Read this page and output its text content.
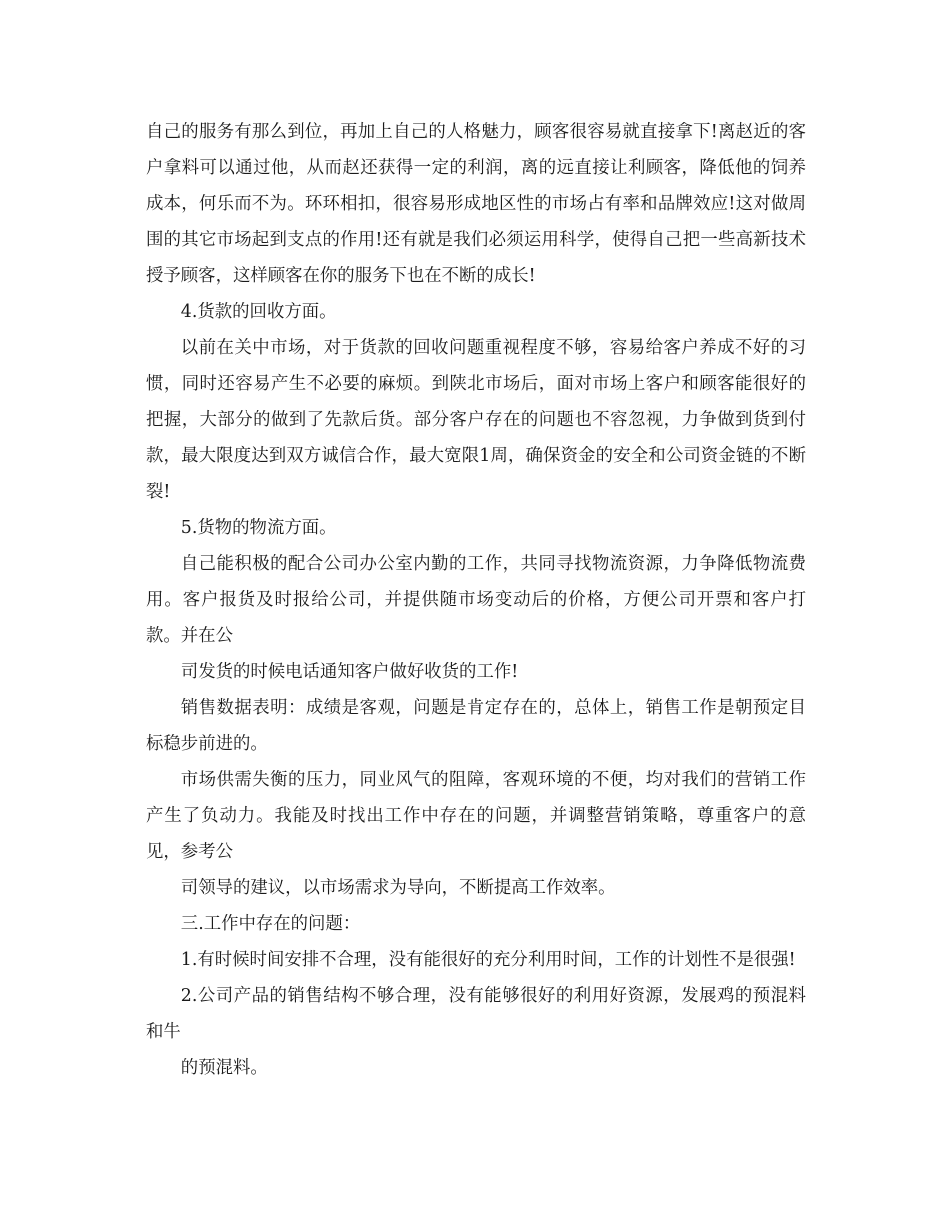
自己的服务有那么到位，再加上自己的人格魅力，顾客很容易就直接拿下!离赵近的客户拿料可以通过他，从而赵还获得一定的利润，离的远直接让利顾客，降低他的饲养成本，何乐而不为。环环相扣，很容易形成地区性的市场占有率和品牌效应!这对做周围的其它市场起到支点的作用!还有就是我们必须运用科学，使得自己把一些高新技术授予顾客，这样顾客在你的服务下也在不断的成长!

4.货款的回收方面。

以前在关中市场，对于货款的回收问题重视程度不够，容易给客户养成不好的习惯，同时还容易产生不必要的麻烦。到陕北市场后，面对市场上客户和顾客能很好的把握，大部分的做到了先款后货。部分客户存在的问题也不容忽视，力争做到货到付款，最大限度达到双方诚信合作，最大宽限1周，确保资金的安全和公司资金链的不断裂!

5.货物的物流方面。

自己能积极的配合公司办公室内勤的工作，共同寻找物流资源，力争降低物流费用。客户报货及时报给公司，并提供随市场变动后的价格，方便公司开票和客户打款。并在公

司发货的时候电话通知客户做好收货的工作!

销售数据表明：成绩是客观，问题是肯定存在的，总体上，销售工作是朝预定目标稳步前进的。

市场供需失衡的压力，同业风气的阻障，客观环境的不便，均对我们的营销工作产生了负动力。我能及时找出工作中存在的问题，并调整营销策略，尊重客户的意见，参考公

司领导的建议，以市场需求为导向，不断提高工作效率。

三.工作中存在的问题：

1.有时候时间安排不合理，没有能很好的充分利用时间，工作的计划性不是很强!

2.公司产品的销售结构不够合理，没有能够很好的利用好资源，发展鸡的预混料和牛

的预混料。
